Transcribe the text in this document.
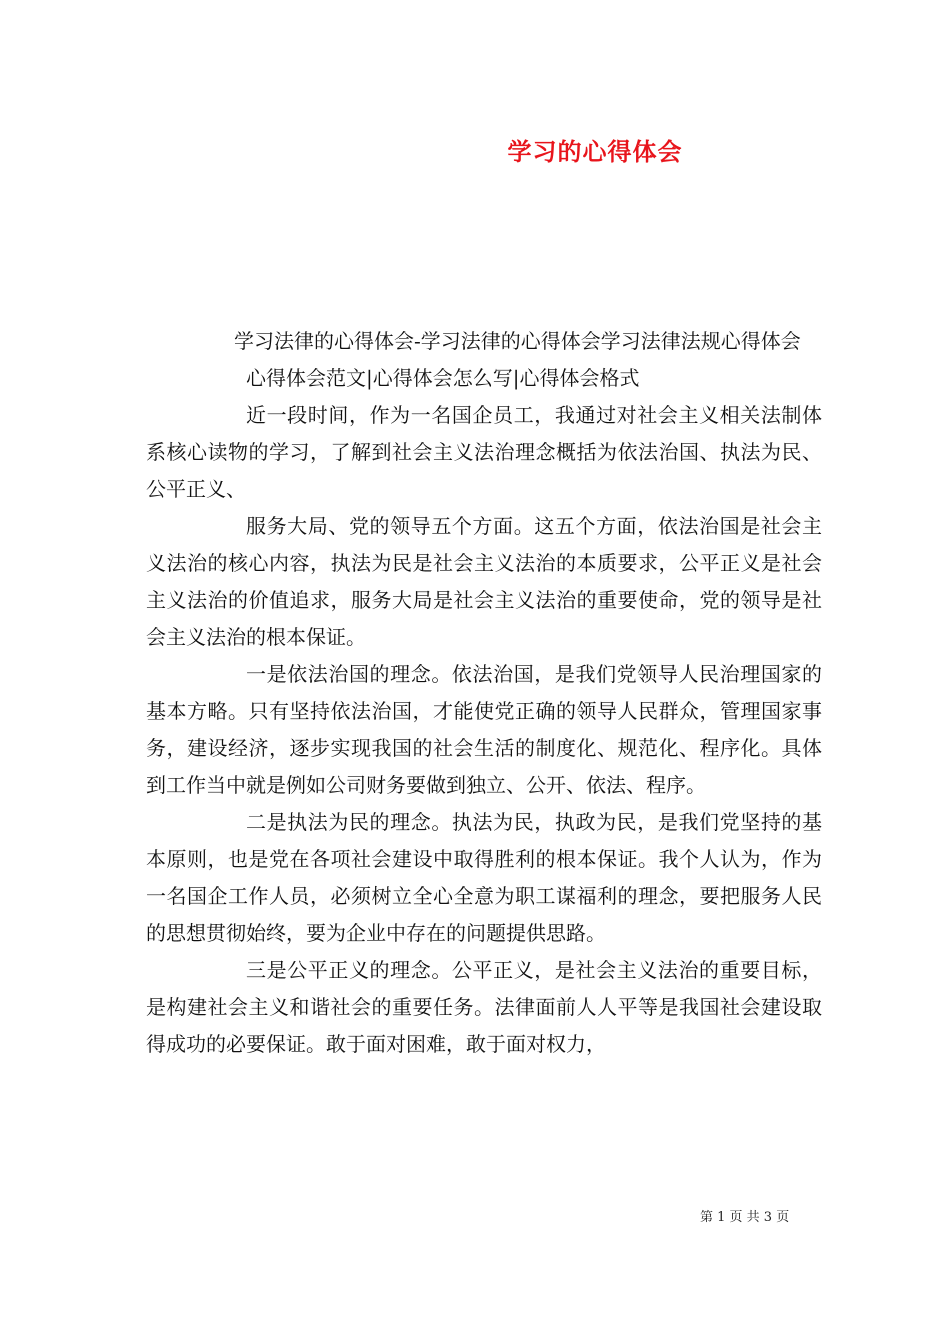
学习的心得体会

学习法律的心得体会-学习法律的心得体会学习法律法规心得体会

心得体会范文|心得体会怎么写|心得体会格式

近一段时间，作为一名国企员工，我通过对社会主义相关法制体系核心读物的学习，了解到社会主义法治理念概括为依法治国、执法为民、公平正义、

服务大局、党的领导五个方面。这五个方面，依法治国是社会主义法治的核心内容，执法为民是社会主义法治的本质要求，公平正义是社会主义法治的价值追求，服务大局是社会主义法治的重要使命，党的领导是社会主义法治的根本保证。

一是依法治国的理念。依法治国，是我们党领导人民治理国家的基本方略。只有坚持依法治国，才能使党正确的领导人民群众，管理国家事务，建设经济，逐步实现我国的社会生活的制度化、规范化、程序化。具体到工作当中就是例如公司财务要做到独立、公开、依法、程序。

二是执法为民的理念。执法为民，执政为民，是我们党坚持的基本原则，也是党在各项社会建设中取得胜利的根本保证。我个人认为，作为一名国企工作人员，必须树立全心全意为职工谋福利的理念，要把服务人民的思想贯彻始终，要为企业中存在的问题提供思路。

三是公平正义的理念。公平正义，是社会主义法治的重要目标，是构建社会主义和谐社会的重要任务。法律面前人人平等是我国社会建设取得成功的必要保证。敢于面对困难，敢于面对权力，

第 1 页 共 3 页
